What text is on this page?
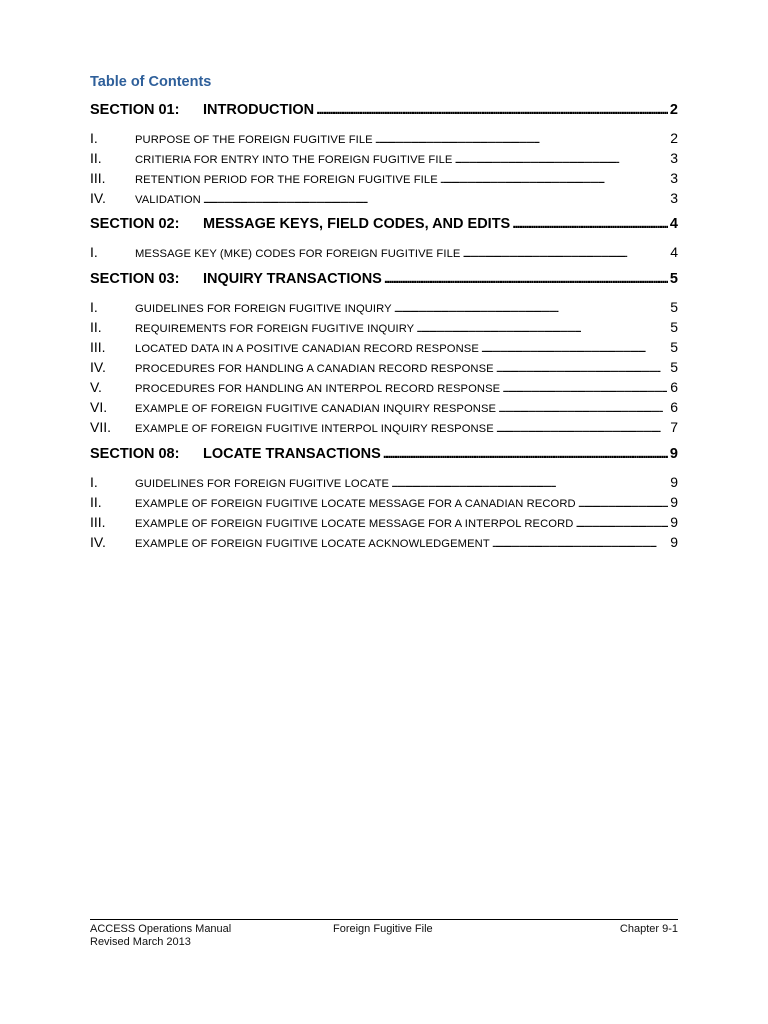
Table of Contents
SECTION 01:	INTRODUCTION . . .	2
I.	PURPOSE OF THE FOREIGN FUGITIVE FILE . . .	2
II.	CRITIERIA FOR ENTRY INTO THE FOREIGN FUGITIVE FILE . . .	3
III.	RETENTION PERIOD FOR THE FOREIGN FUGITIVE FILE . . .	3
IV.	VALIDATION . . .	3
SECTION 02:	MESSAGE KEYS, FIELD CODES, AND EDITS . . .	4
I.	MESSAGE KEY (MKE) CODES FOR FOREIGN FUGITIVE FILE . . .	4
SECTION 03:	INQUIRY TRANSACTIONS . . .	5
I.	GUIDELINES FOR FOREIGN FUGITIVE INQUIRY . . .	5
II.	REQUIREMENTS FOR FOREIGN FUGITIVE INQUIRY . . .	5
III.	LOCATED DATA IN A POSITIVE CANADIAN RECORD RESPONSE . . .	5
IV.	PROCEDURES FOR HANDLING A CANADIAN RECORD RESPONSE . . .	5
V.	PROCEDURES FOR HANDLING AN INTERPOL RECORD RESPONSE . . .	6
VI.	EXAMPLE OF FOREIGN FUGITIVE CANADIAN INQUIRY RESPONSE . . .	6
VII.	EXAMPLE OF FOREIGN FUGITIVE INTERPOL INQUIRY RESPONSE . . .	7
SECTION 08:	LOCATE TRANSACTIONS . . .	9
I.	GUIDELINES FOR FOREIGN FUGITIVE LOCATE . . .	9
II.	EXAMPLE OF FOREIGN FUGITIVE LOCATE MESSAGE FOR A CANADIAN RECORD . . .	9
III.	EXAMPLE OF FOREIGN FUGITIVE LOCATE MESSAGE FOR A INTERPOL RECORD . . .	9
IV.	EXAMPLE OF FOREIGN FUGITIVE LOCATE ACKNOWLEDGEMENT . . .	9
ACCESS Operations Manual	Foreign Fugitive File	Chapter 9-1
Revised March 2013
